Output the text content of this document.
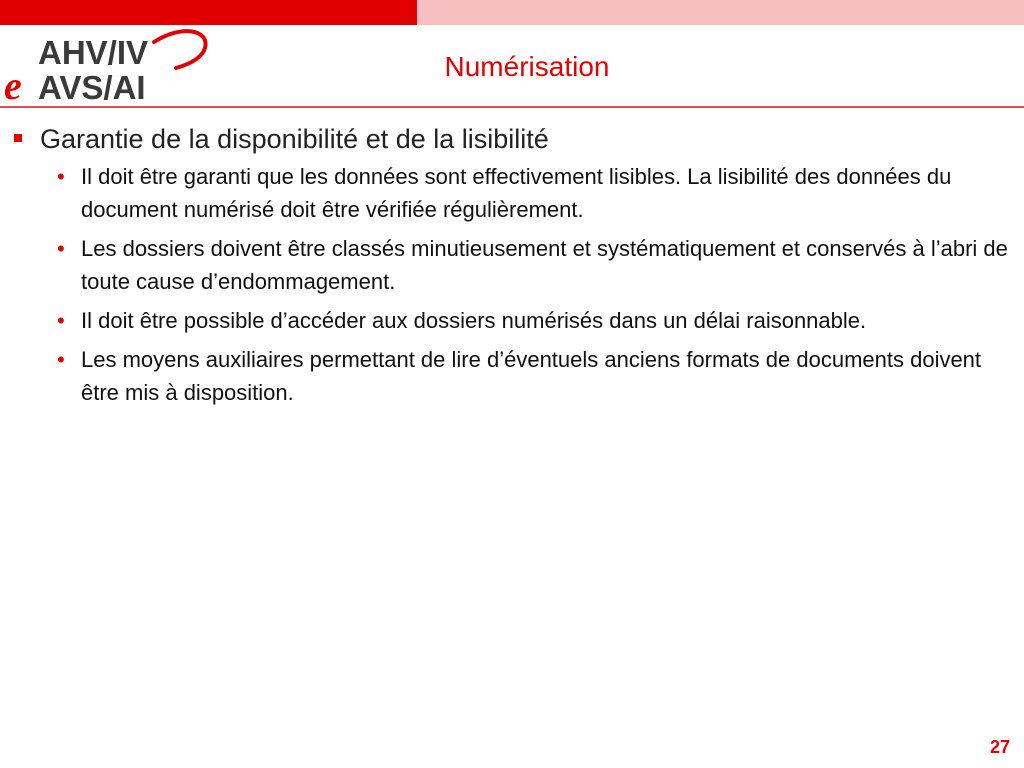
AHV/IV
AVS/AI
e	Numérisation
Garantie de la disponibilité et de la lisibilité
• Il doit être garanti que les données sont effectivement lisibles. La lisibilité des données du document numérisé doit être vérifiée régulièrement.
• Les dossiers doivent être classés minutieusement et systématiquement et conservés à l’abri de toute cause d’endommagement.
• Il doit être possible d’accéder aux dossiers numérisés dans un délai raisonnable.
• Les moyens auxiliaires permettant de lire d’éventuels anciens formats de documents doivent être mis à disposition.
27
